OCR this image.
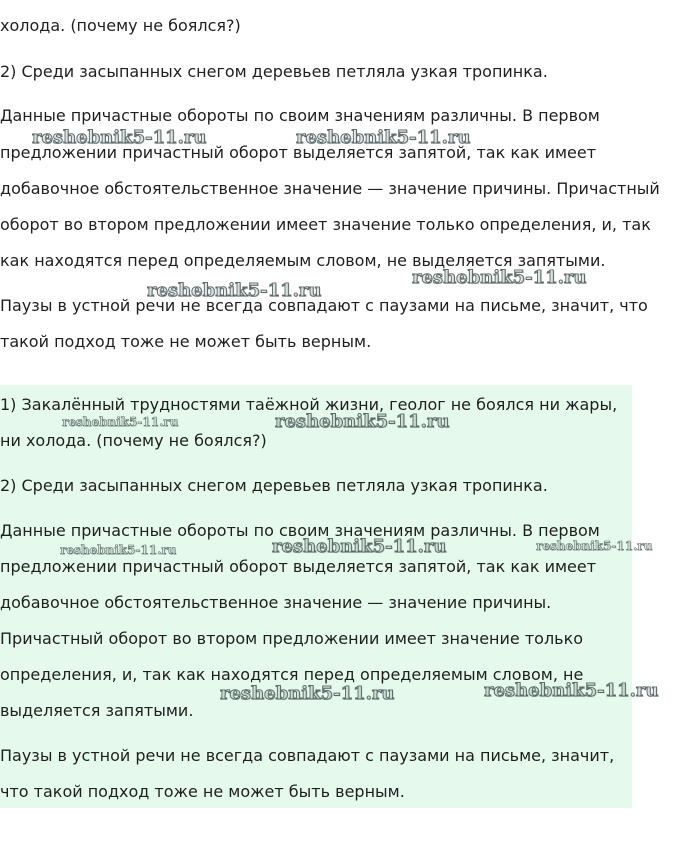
холода. (почему не боялся?)

2) Среди засыпанных снегом деревьев петляла узкая тропинка.

Данные причастные обороты по своим значениям различны. В первом

предложении причастный оборот выделяется запятой, так как имеет

добавочное обстоятельственное значение — значение причины. Причастный

оборот во втором предложении имеет значение только определения, и, так

как находятся перед определяемым словом, не выделяется запятыми.

Паузы в устной речи не всегда совпадают с паузами на письме, значит, что

такой подход тоже не может быть верным.

1) Закалённый трудностями таёжной жизни, геолог не боялся ни жары,

ни холода. (почему не боялся?)

2) Среди засыпанных снегом деревьев петляла узкая тропинка.

Данные причастные обороты по своим значениям различны. В первом

предложении причастный оборот выделяется запятой, так как имеет

добавочное обстоятельственное значение — значение причины.

Причастный оборот во втором предложении имеет значение только

определения, и, так как находятся перед определяемым словом, не

выделяется запятыми.

Паузы в устной речи не всегда совпадают с паузами на письме, значит,

что такой подход тоже не может быть верным.

reshebnik5-11.ru	reshebnik5-11.ru
reshebnik5-11.ru
reshebnik5-11.ru
reshebnik5-11.ru	reshebnik5-11.ru
reshebnik5-11.ru	reshebnik5-11.ru	reshebnik5-11.ru
reshebnik5-11.ru	reshebnik5-11.ru
